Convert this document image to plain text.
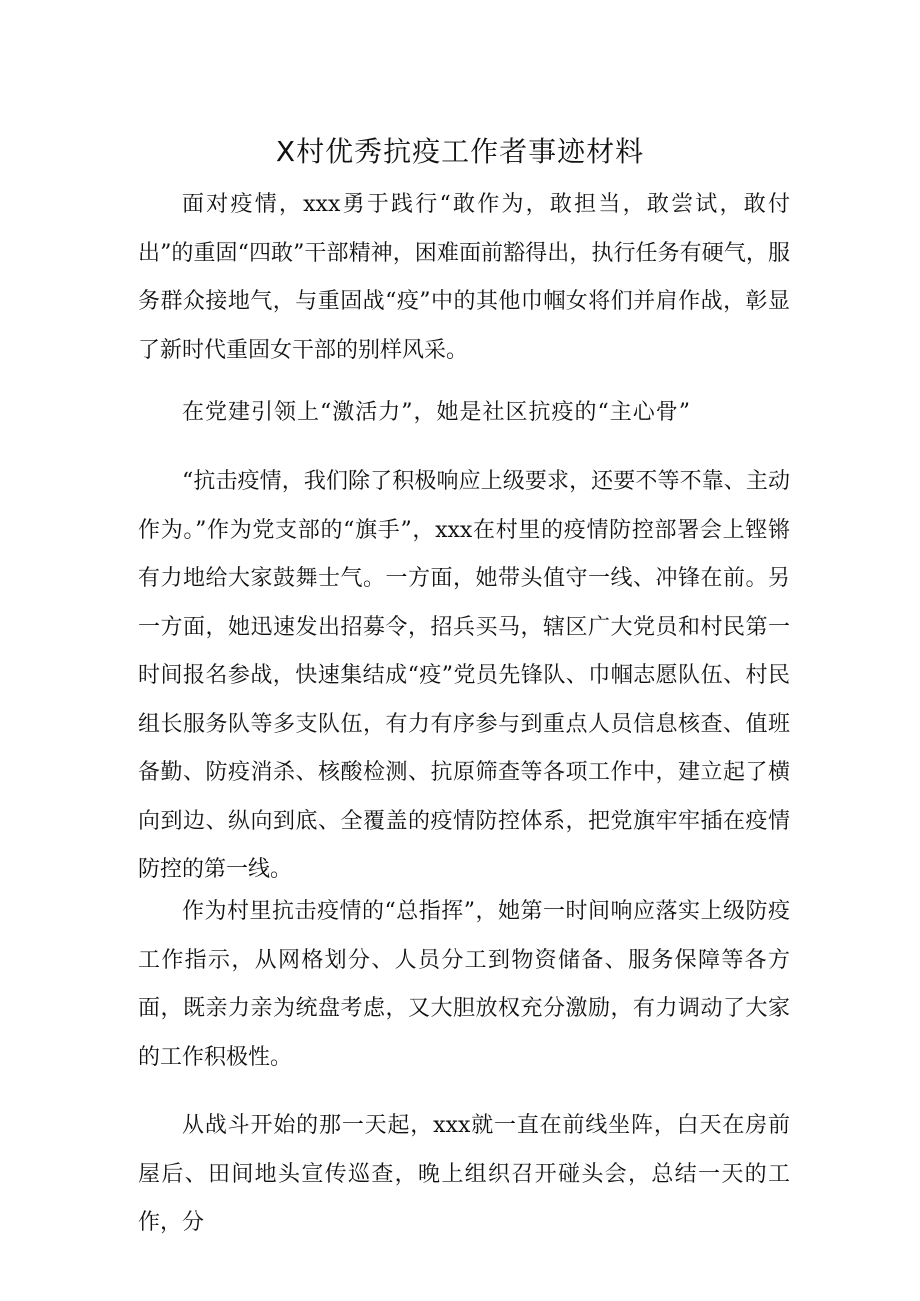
X村优秀抗疫工作者事迹材料

面对疫情，xxx勇于践行“敢作为，敢担当，敢尝试，敢付出”的重固“四敢”干部精神，困难面前豁得出，执行任务有硬气，服务群众接地气，与重固战“疫”中的其他巾帼女将们并肩作战，彰显了新时代重固女干部的别样风采。

在党建引领上“激活力”，她是社区抗疫的“主心骨”

“抗击疫情，我们除了积极响应上级要求，还要不等不靠、主动作为。”作为党支部的“旗手”，xxx在村里的疫情防控部署会上铿锵有力地给大家鼓舞士气。一方面，她带头值守一线、冲锋在前。另一方面，她迅速发出招募令，招兵买马，辖区广大党员和村民第一时间报名参战，快速集结成“疫”党员先锋队、巾帼志愿队伍、村民组长服务队等多支队伍，有力有序参与到重点人员信息核查、值班备勤、防疫消杀、核酸检测、抗原筛查等各项工作中，建立起了横向到边、纵向到底、全覆盖的疫情防控体系，把党旗牢牢插在疫情防控的第一线。

作为村里抗击疫情的“总指挥”，她第一时间响应落实上级防疫工作指示，从网格划分、人员分工到物资储备、服务保障等各方面，既亲力亲为统盘考虑，又大胆放权充分激励，有力调动了大家的工作积极性。

从战斗开始的那一天起，xxx就一直在前线坐阵，白天在房前屋后、田间地头宣传巡查，晚上组织召开碰头会，总结一天的工作，分
